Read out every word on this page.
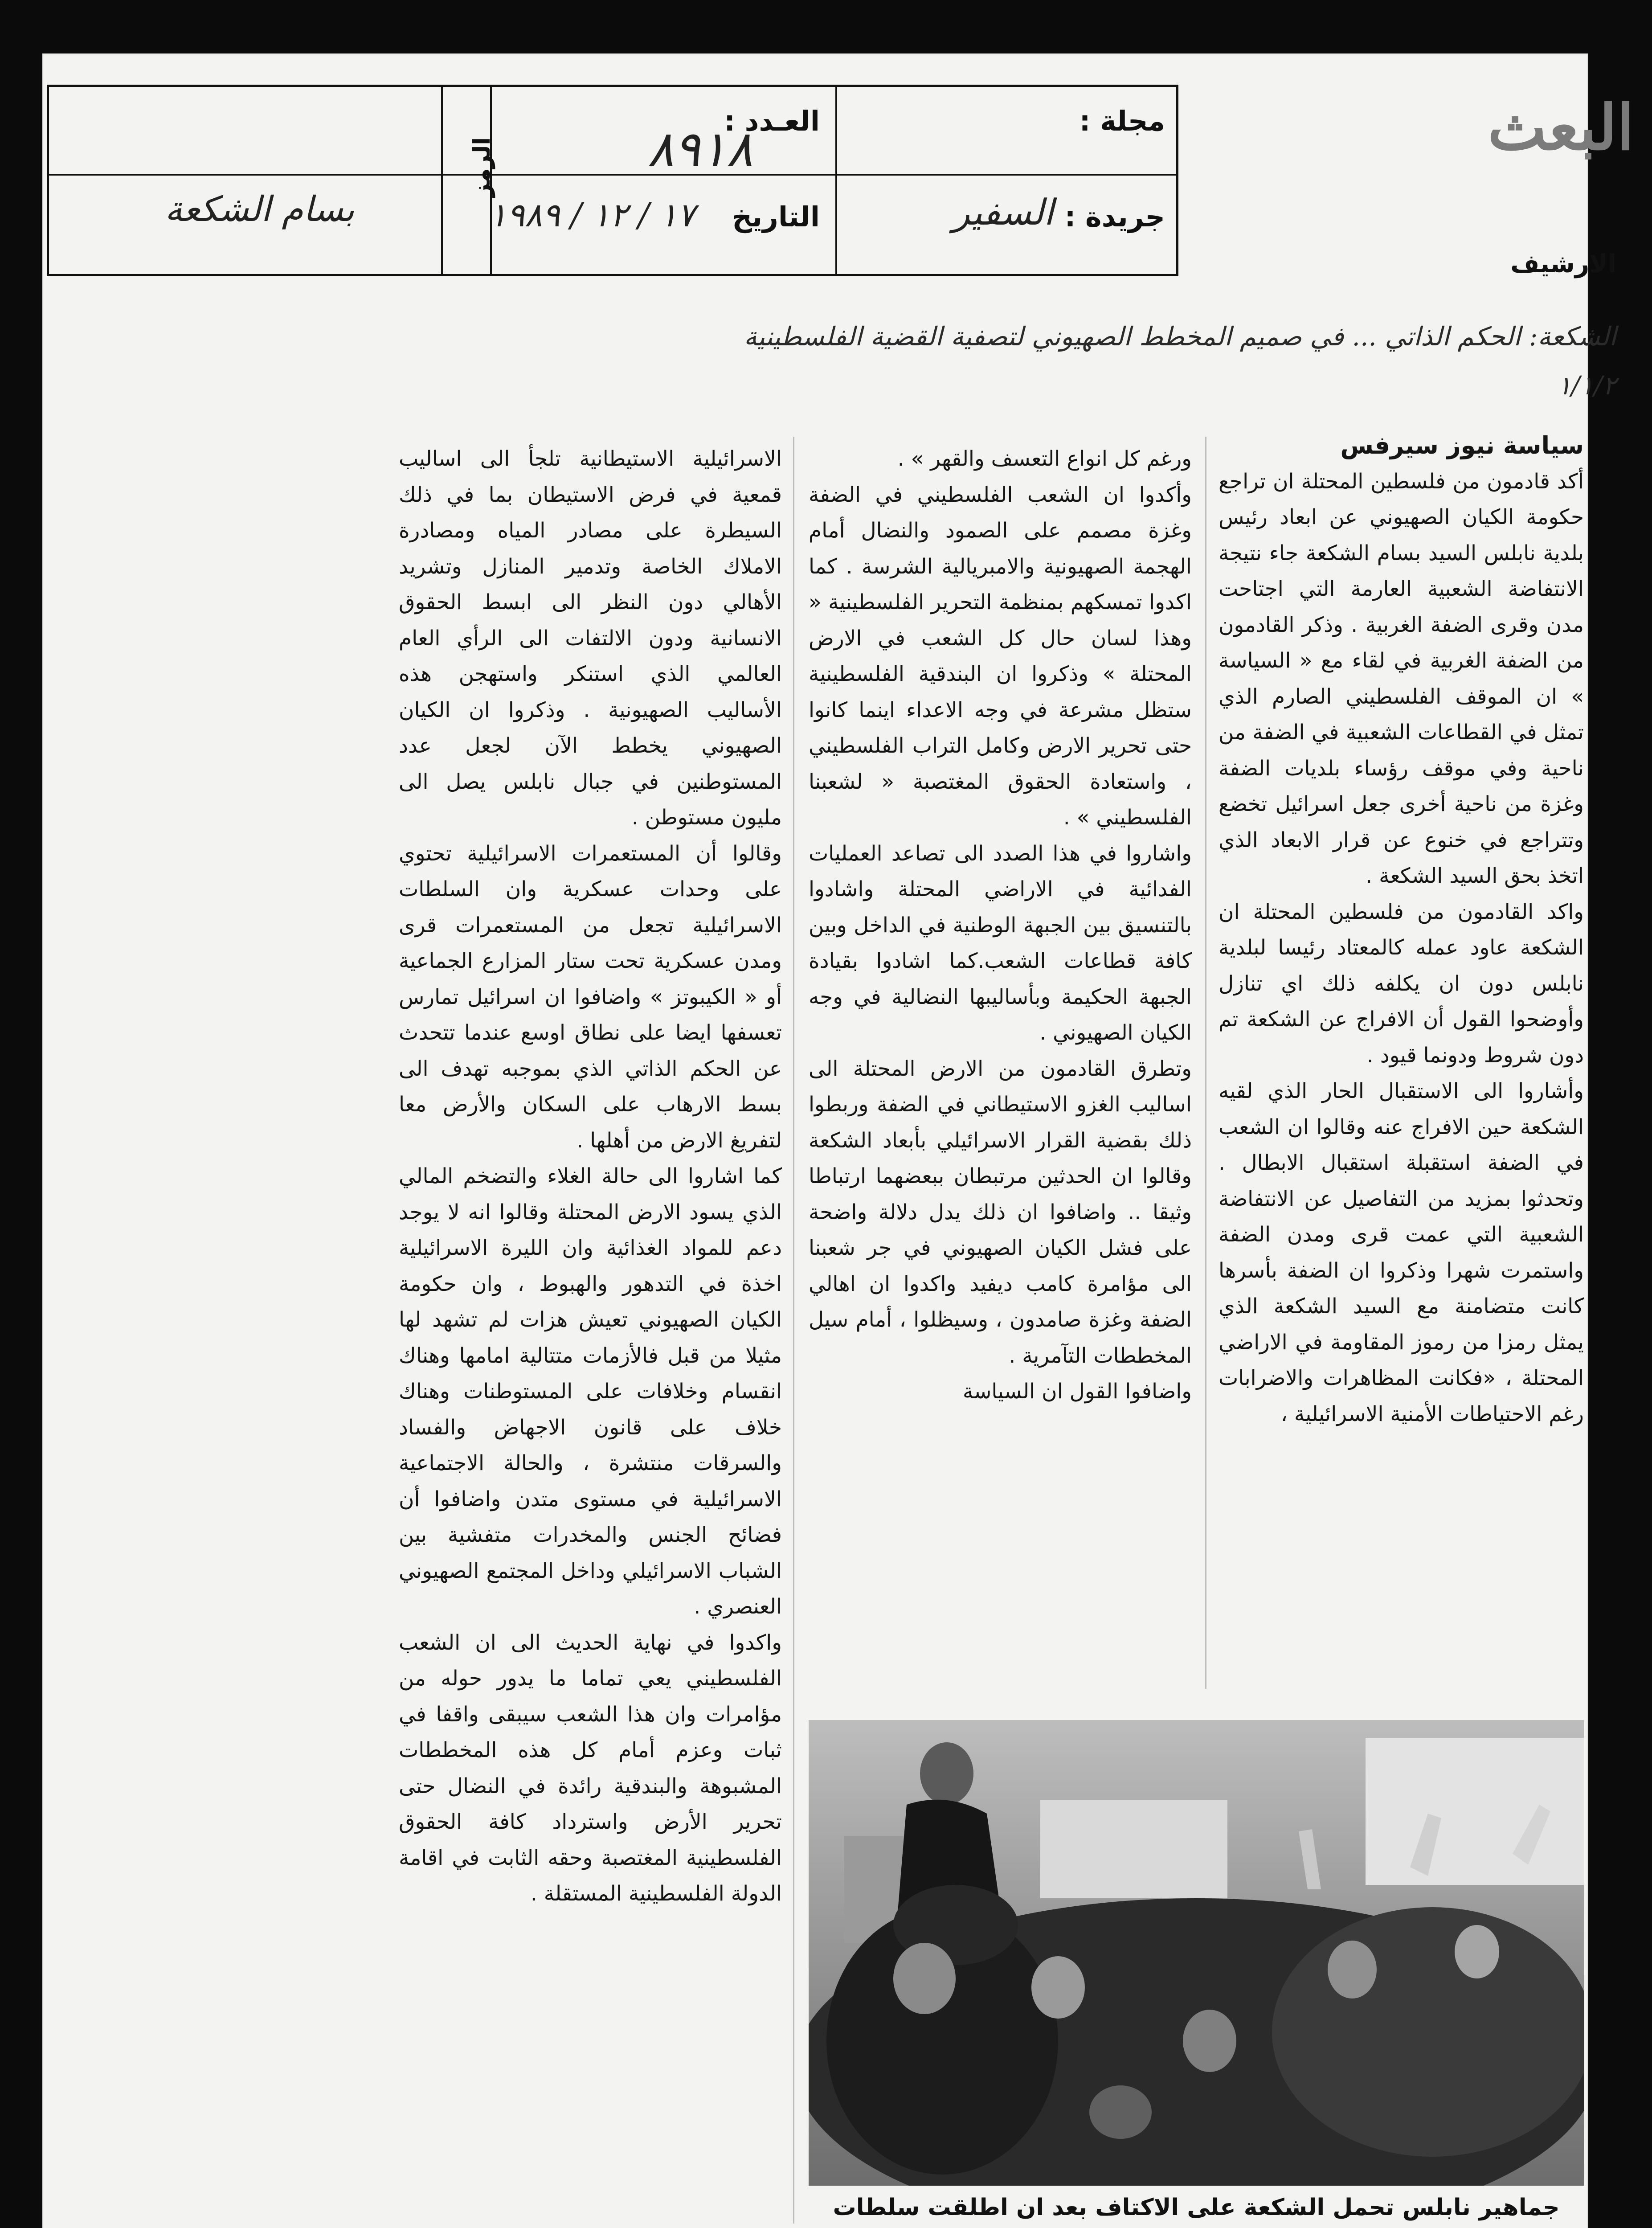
البعث
الارشيف
مجلة :
العـدد :
٨٩١٨
جريدة :
السفير
التاريخ
١٧ / ١٢ / ١٩٨٩
الرمز
بسام الشكعة
الشكعة: الحكم الذاتي ... في صميم المخطط الصهيوني لتصفية القضية الفلسطينية
١/١/٢

سياسة نيوز سيرفس

أكد قادمون من فلسطين المحتلة ان تراجع حكومة الكيان الصهيوني عن ابعاد رئيس بلدية نابلس السيد بسام الشكعة جاء نتيجة الانتفاضة الشعبية العارمة التي اجتاحت مدن وقرى الضفة الغربية . وذكر القادمون من الضفة الغربية في لقاء مع « السياسة » ان الموقف الفلسطيني الصارم الذي تمثل في القطاعات الشعبية في الضفة من ناحية وفي موقف رؤساء بلديات الضفة وغزة من ناحية أخرى جعل اسرائيل تخضع وتتراجع في خنوع عن قرار الابعاد الذي اتخذ بحق السيد الشكعة .

واكد القادمون من فلسطين المحتلة ان الشكعة عاود عمله كالمعتاد رئيسا لبلدية نابلس دون ان يكلفه ذلك اي تنازل وأوضحوا القول أن الافراج عن الشكعة تم دون شروط ودونما قيود .

وأشاروا الى الاستقبال الحار الذي لقيه الشكعة حين الافراج عنه وقالوا ان الشعب في الضفة استقبلة استقبال الابطال . وتحدثوا بمزيد من التفاصيل عن الانتفاضة الشعبية التي عمت قرى ومدن الضفة واستمرت شهرا وذكروا ان الضفة بأسرها كانت متضامنة مع السيد الشكعة الذي يمثل رمزا من رموز المقاومة في الاراضي المحتلة ، «فكانت المظاهرات والاضرابات رغم الاحتياطات الأمنية الاسرائيلية ،

ورغم كل انواع التعسف والقهر » .

وأكدوا ان الشعب الفلسطيني في الضفة وغزة مصمم على الصمود والنضال أمام الهجمة الصهيونية والامبريالية الشرسة . كما اكدوا تمسكهم بمنظمة التحرير الفلسطينية « وهذا لسان حال كل الشعب في الارض المحتلة » وذكروا ان البندقية الفلسطينية ستظل مشرعة في وجه الاعداء اينما كانوا حتى تحرير الارض وكامل التراب الفلسطيني ، واستعادة الحقوق المغتصبة « لشعبنا الفلسطيني » .

واشاروا في هذا الصدد الى تصاعد العمليات الفدائية في الاراضي المحتلة واشادوا بالتنسيق بين الجبهة الوطنية في الداخل وبين كافة قطاعات الشعب.كما اشادوا بقيادة الجبهة الحكيمة وبأساليبها النضالية في وجه الكيان الصهيوني .

وتطرق القادمون من الارض المحتلة الى اساليب الغزو الاستيطاني في الضفة وربطوا ذلك بقضية القرار الاسرائيلي بأبعاد الشكعة وقالوا ان الحدثين مرتبطان ببعضهما ارتباطا وثيقا .. واضافوا ان ذلك يدل دلالة واضحة على فشل الكيان الصهيوني في جر شعبنا الى مؤامرة كامب ديفيد واكدوا ان اهالي الضفة وغزة صامدون ، وسيظلوا ، أمام سيل المخططات التآمرية .

واضافوا القول ان السياسة

الاسرائيلية الاستيطانية تلجأ الى اساليب قمعية في فرض الاستيطان بما في ذلك السيطرة على مصادر المياه ومصادرة الاملاك الخاصة وتدمير المنازل وتشريد الأهالي دون النظر الى ابسط الحقوق الانسانية ودون الالتفات الى الرأي العام العالمي الذي استنكر واستهجن هذه الأساليب الصهيونية . وذكروا ان الكيان الصهيوني يخطط الآن لجعل عدد المستوطنين في جبال نابلس يصل الى مليون مستوطن .

وقالوا أن المستعمرات الاسرائيلية تحتوي على وحدات عسكرية وان السلطات الاسرائيلية تجعل من المستعمرات قرى ومدن عسكرية تحت ستار المزارع الجماعية أو « الكيبوتز » واضافوا ان اسرائيل تمارس تعسفها ايضا على نطاق اوسع عندما تتحدث عن الحكم الذاتي الذي بموجبه تهدف الى بسط الارهاب على السكان والأرض معا لتفريغ الارض من أهلها .

كما اشاروا الى حالة الغلاء والتضخم المالي الذي يسود الارض المحتلة وقالوا انه لا يوجد دعم للمواد الغذائية وان الليرة الاسرائيلية اخذة في التدهور والهبوط ، وان حكومة الكيان الصهيوني تعيش هزات لم تشهد لها مثيلا من قبل فالأزمات متتالية امامها وهناك انقسام وخلافات على المستوطنات وهناك خلاف على قانون الاجهاض والفساد والسرقات منتشرة ، والحالة الاجتماعية الاسرائيلية في مستوى متدن واضافوا أن فضائح الجنس والمخدرات متفشية بين الشباب الاسرائيلي وداخل المجتمع الصهيوني العنصري .

واكدوا في نهاية الحديث الى ان الشعب الفلسطيني يعي تماما ما يدور حوله من مؤامرات وان هذا الشعب سيبقى واقفا في ثبات وعزم أمام كل هذه المخططات المشبوهة والبندقية رائدة في النضال حتى تحرير الأرض واسترداد كافة الحقوق الفلسطينية المغتصبة وحقه الثابت في اقامة الدولة الفلسطينية المستقلة .

جماهير نابلس تحمل الشكعة على الاكتاف بعد ان اطلقت سلطات
